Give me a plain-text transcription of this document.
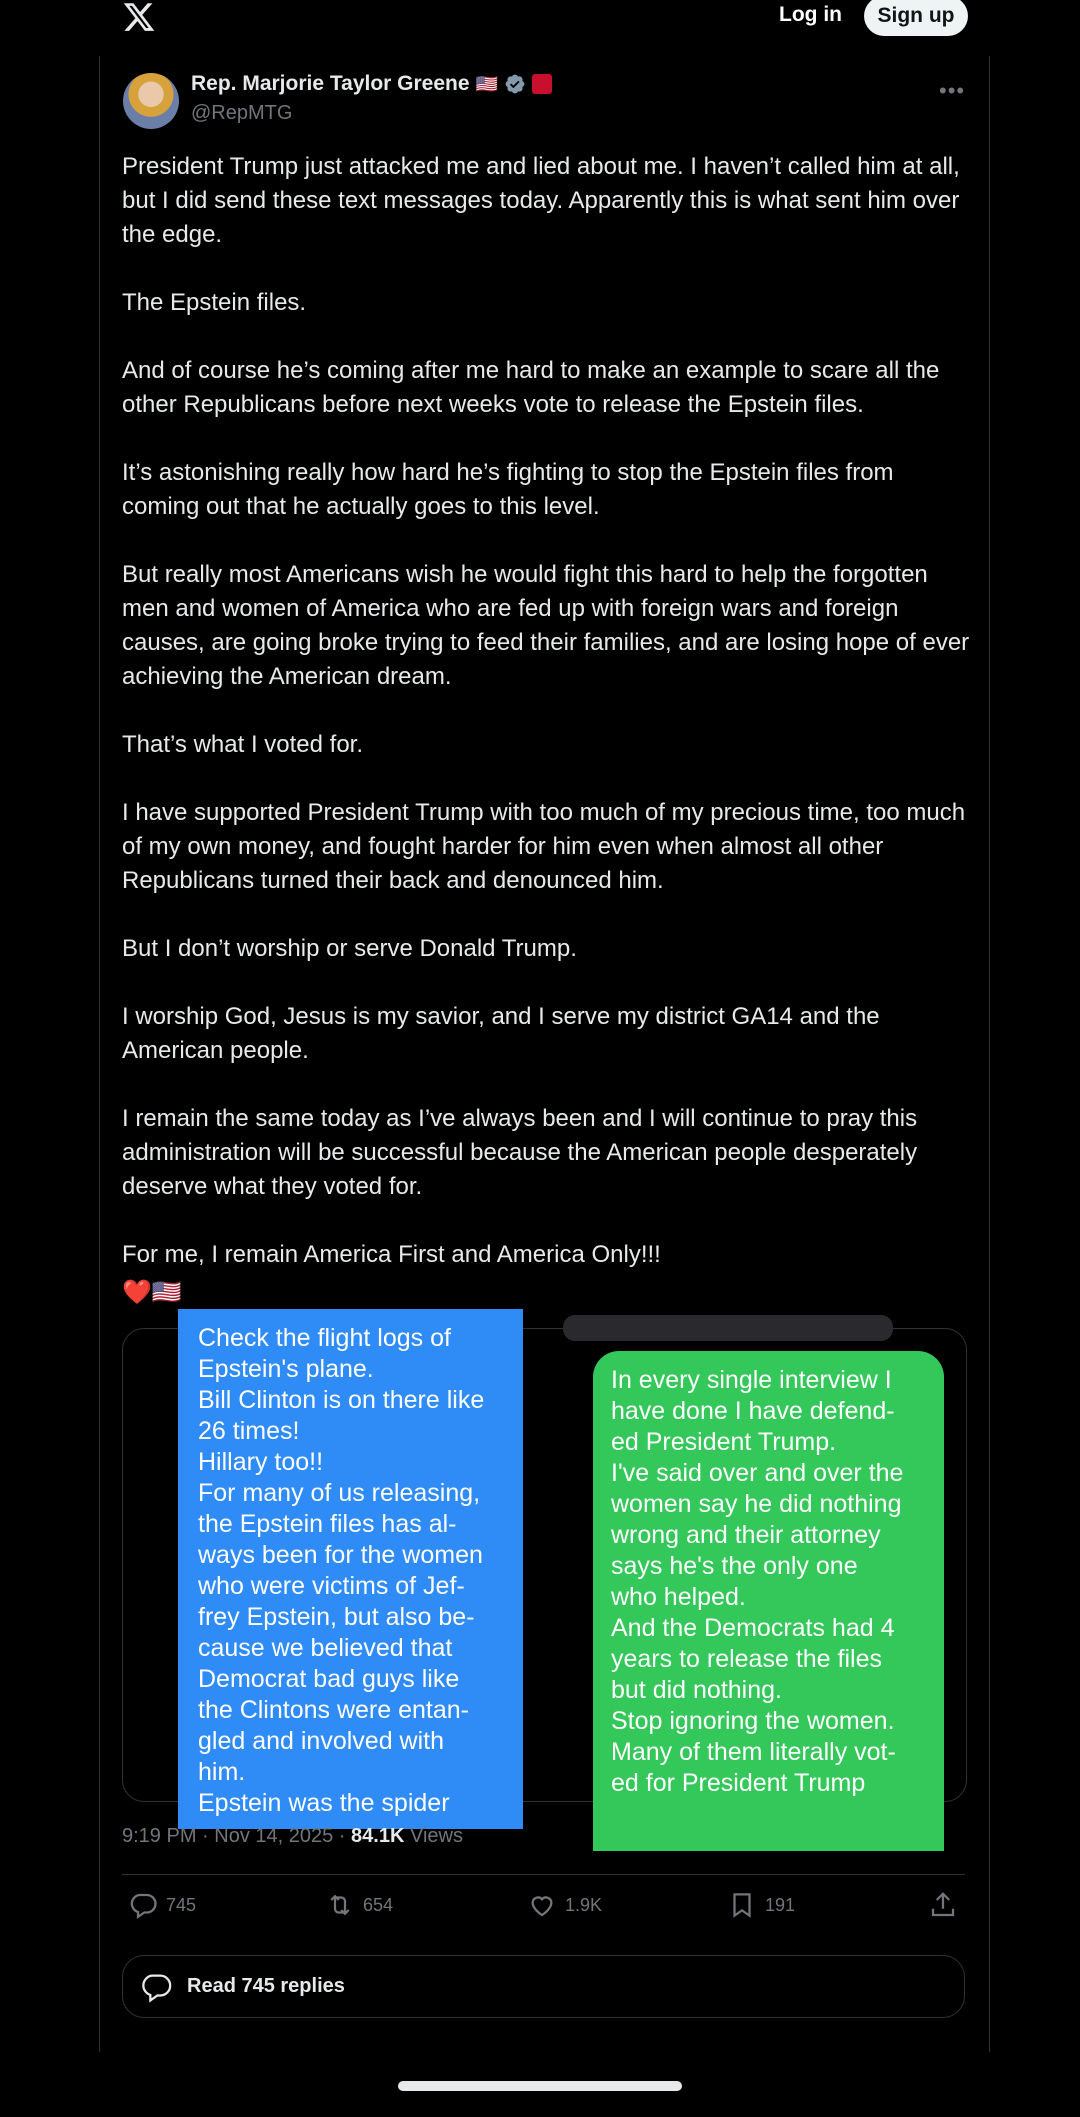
Log in	Sign up
Rep. Marjorie Taylor Greene 🇺🇸
@RepMTG
•••

President Trump just attacked me and lied about me. I haven’t called him at all, but I did send these text messages today. Apparently this is what sent him over the edge.

The Epstein files.

And of course he’s coming after me hard to make an example to scare all the other Republicans before next weeks vote to release the Epstein files.

It’s astonishing really how hard he’s fighting to stop the Epstein files from coming out that he actually goes to this level.

But really most Americans wish he would fight this hard to help the forgotten men and women of America who are fed up with foreign wars and foreign causes, are going broke trying to feed their families, and are losing hope of ever achieving the American dream.

That’s what I voted for.

I have supported President Trump with too much of my precious time, too much of my own money, and fought harder for him even when almost all other Republicans turned their back and denounced him.

But I don’t worship or serve Donald Trump.

I worship God, Jesus is my savior, and I serve my district GA14 and the American people.

I remain the same today as I’ve always been and I will continue to pray this administration will be successful because the American people desperately deserve what they voted for.

For me, I remain America First and America Only!!!

❤️🇺🇸
Check the flight logs of
Epstein's plane.
Bill Clinton is on there like
26 times!
Hillary too!!
For many of us releasing,
the Epstein files has al-
ways been for the women
who were victims of Jef-
frey Epstein, but also be-
cause we believed that
Democrat bad guys like
the Clintons were entan-
gled and involved with
him.
Epstein was the spider
In every single interview I
have done I have defend-
ed President Trump.
I've said over and over the
women say he did nothing
wrong and their attorney
says he's the only one
who helped.
And the Democrats had 4
years to release the files
but did nothing.
Stop ignoring the women.
Many of them literally vot-
ed for President Trump
9:19 PM · Nov 14, 2025 · 84.1K Views
745	654	1.9K	191
Read 745 replies
